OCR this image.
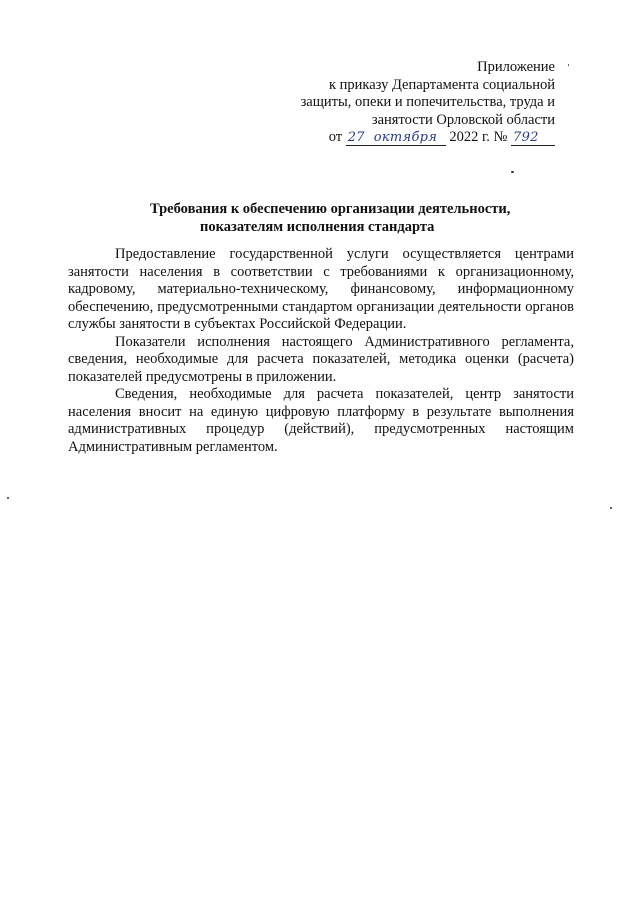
Приложение
к приказу Департамента социальной
защиты, опеки и попечительства, труда и
занятости Орловской области
от 27 октября 2022 г. № 792
Требования к обеспечению организации деятельности,
показателям исполнения стандарта

Предоставление государственной услуги осуществляется центрами занятости населения в соответствии с требованиями к организационному, кадровому, материально-техническому, финансовому, информационному обеспечению, предусмотренными стандартом организации деятельности органов службы занятости в субъектах Российской Федерации.

Показатели исполнения настоящего Административного регламента, сведения, необходимые для расчета показателей, методика оценки (расчета) показателей предусмотрены в приложении.

Сведения, необходимые для расчета показателей, центр занятости населения вносит на единую цифровую платформу в результате выполнения административных процедур (действий), предусмотренных настоящим Административным регламентом.
